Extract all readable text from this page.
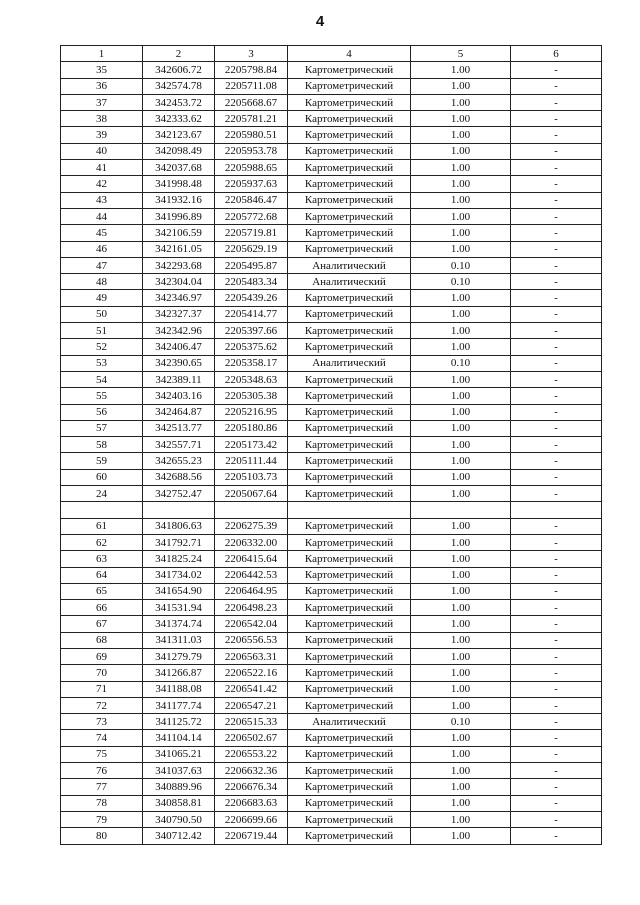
4
1	2	3	4	5	6
35	342606.72	2205798.84	Картометрический	1.00	-
36	342574.78	2205711.08	Картометрический	1.00	-
37	342453.72	2205668.67	Картометрический	1.00	-
38	342333.62	2205781.21	Картометрический	1.00	-
39	342123.67	2205980.51	Картометрический	1.00	-
40	342098.49	2205953.78	Картометрический	1.00	-
41	342037.68	2205988.65	Картометрический	1.00	-
42	341998.48	2205937.63	Картометрический	1.00	-
43	341932.16	2205846.47	Картометрический	1.00	-
44	341996.89	2205772.68	Картометрический	1.00	-
45	342106.59	2205719.81	Картометрический	1.00	-
46	342161.05	2205629.19	Картометрический	1.00	-
47	342293.68	2205495.87	Аналитический	0.10	-
48	342304.04	2205483.34	Аналитический	0.10	-
49	342346.97	2205439.26	Картометрический	1.00	-
50	342327.37	2205414.77	Картометрический	1.00	-
51	342342.96	2205397.66	Картометрический	1.00	-
52	342406.47	2205375.62	Картометрический	1.00	-
53	342390.65	2205358.17	Аналитический	0.10	-
54	342389.11	2205348.63	Картометрический	1.00	-
55	342403.16	2205305.38	Картометрический	1.00	-
56	342464.87	2205216.95	Картометрический	1.00	-
57	342513.77	2205180.86	Картометрический	1.00	-
58	342557.71	2205173.42	Картометрический	1.00	-
59	342655.23	2205111.44	Картометрический	1.00	-
60	342688.56	2205103.73	Картометрический	1.00	-
24	342752.47	2205067.64	Картометрический	1.00	-

61	341806.63	2206275.39	Картометрический	1.00	-
62	341792.71	2206332.00	Картометрический	1.00	-
63	341825.24	2206415.64	Картометрический	1.00	-
64	341734.02	2206442.53	Картометрический	1.00	-
65	341654.90	2206464.95	Картометрический	1.00	-
66	341531.94	2206498.23	Картометрический	1.00	-
67	341374.74	2206542.04	Картометрический	1.00	-
68	341311.03	2206556.53	Картометрический	1.00	-
69	341279.79	2206563.31	Картометрический	1.00	-
70	341266.87	2206522.16	Картометрический	1.00	-
71	341188.08	2206541.42	Картометрический	1.00	-
72	341177.74	2206547.21	Картометрический	1.00	-
73	341125.72	2206515.33	Аналитический	0.10	-
74	341104.14	2206502.67	Картометрический	1.00	-
75	341065.21	2206553.22	Картометрический	1.00	-
76	341037.63	2206632.36	Картометрический	1.00	-
77	340889.96	2206676.34	Картометрический	1.00	-
78	340858.81	2206683.63	Картометрический	1.00	-
79	340790.50	2206699.66	Картометрический	1.00	-
80	340712.42	2206719.44	Картометрический	1.00	-
